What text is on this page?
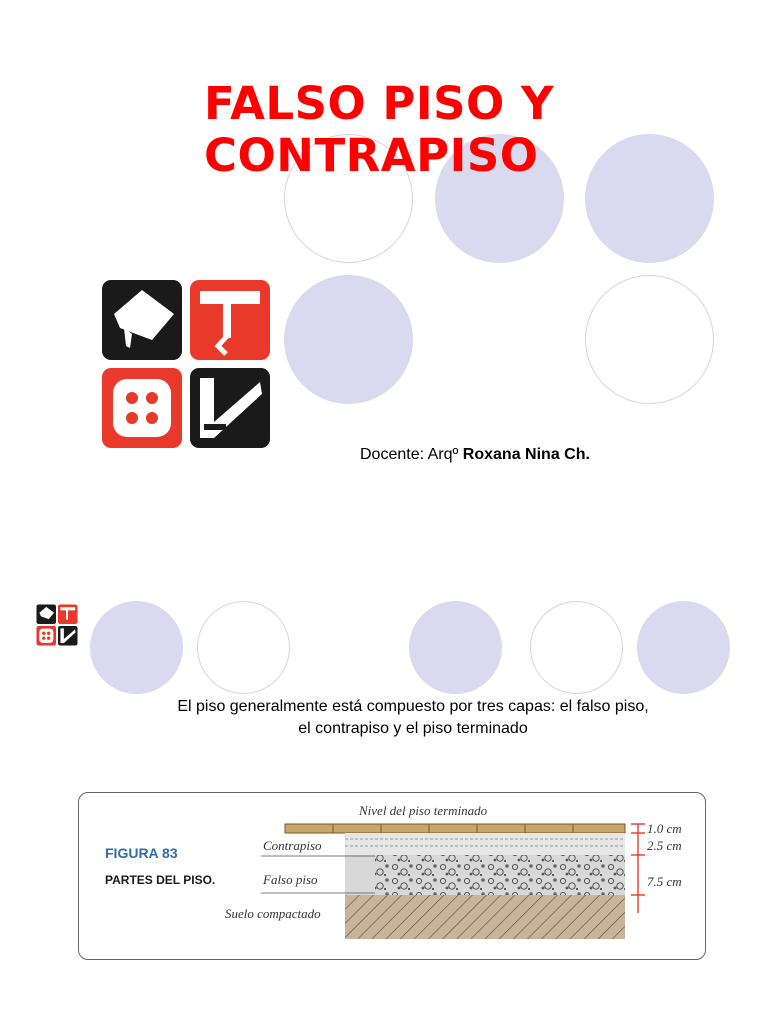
FALSO PISO Y
CONTRAPISO
Docente: Arqº Roxana Nina Ch.
El piso generalmente está compuesto por tres capas: el falso piso,
el contrapiso y el piso terminado
FIGURA 83
PARTES DEL PISO.
Nivel del piso terminado
Contrapiso
Falso piso
Suelo compactado
1.0 cm
2.5 cm
7.5 cm
